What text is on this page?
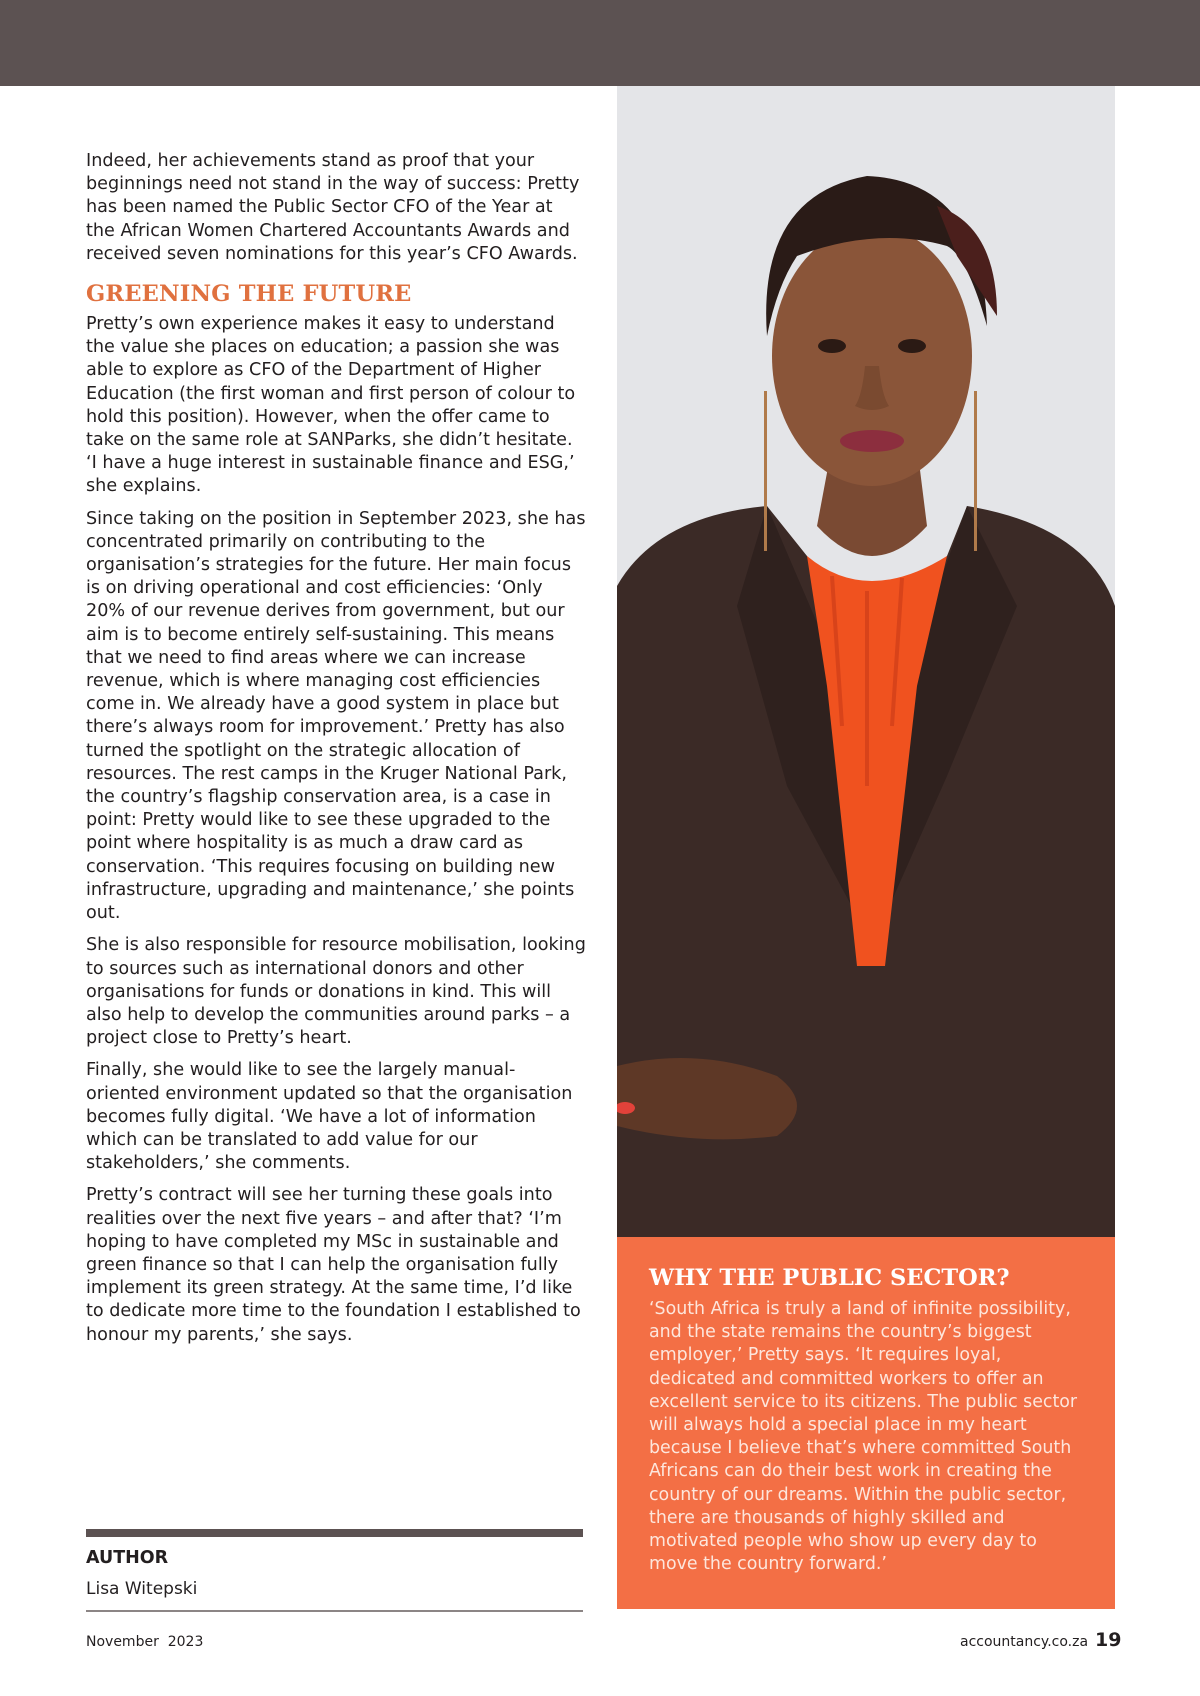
Indeed, her achievements stand as proof that your beginnings need not stand in the way of success: Pretty has been named the Public Sector CFO of the Year at the African Women Chartered Accountants Awards and received seven nominations for this year’s CFO Awards.

GREENING THE FUTURE

Pretty’s own experience makes it easy to understand the value she places on education; a passion she was able to explore as CFO of the Department of Higher Education (the first woman and first person of colour to hold this position). However, when the offer came to take on the same role at SANParks, she didn’t hesitate. ‘I have a huge interest in sustainable finance and ESG,’ she explains.

Since taking on the position in September 2023, she has concentrated primarily on contributing to the organisation’s strategies for the future. Her main focus is on driving operational and cost efficiencies: ‘Only 20% of our revenue derives from government, but our aim is to become entirely self-sustaining. This means that we need to find areas where we can increase revenue, which is where managing cost efficiencies come in. We already have a good system in place but there’s always room for improvement.’ Pretty has also turned the spotlight on the strategic allocation of resources. The rest camps in the Kruger National Park, the country’s flagship conservation area, is a case in point: Pretty would like to see these upgraded to the point where hospitality is as much a draw card as conservation. ‘This requires focusing on building new infrastructure, upgrading and maintenance,’ she points out.

She is also responsible for resource mobilisation, looking to sources such as international donors and other organisations for funds or donations in kind. This will also help to develop the communities around parks – a project close to Pretty’s heart.

Finally, she would like to see the largely manual-oriented environment updated so that the organisation becomes fully digital. ‘We have a lot of information which can be translated to add value for our stakeholders,’ she comments.

Pretty’s contract will see her turning these goals into realities over the next five years – and after that? ‘I’m hoping to have completed my MSc in sustainable and green finance so that I can help the organisation fully implement its green strategy. At the same time, I’d like to dedicate more time to the foundation I established to honour my parents,’ she says.

WHY THE PUBLIC SECTOR?

‘South Africa is truly a land of infinite possibility, and the state remains the country’s biggest employer,’ Pretty says. ‘It requires loyal, dedicated and committed workers to offer an excellent service to its citizens. The public sector will always hold a special place in my heart because I believe that’s where committed South Africans can do their best work in creating the country of our dreams. Within the public sector, there are thousands of highly skilled and motivated people who show up every day to move the country forward.’

AUTHOR
Lisa Witepski
November  2023	accountancy.co.za 19
